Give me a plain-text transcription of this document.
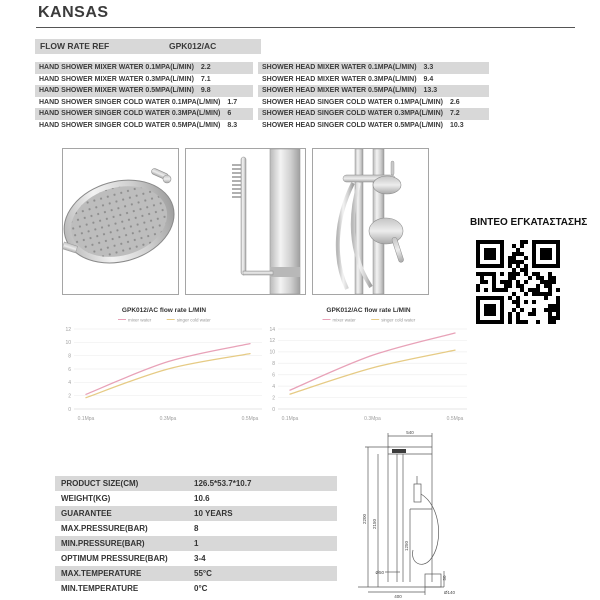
KANSAS
FLOW RATE REF	GPK012/AC
HAND SHOWER MIXER WATER 0.1MPA(L/MIN) 2.2
HAND SHOWER MIXER WATER 0.3MPA(L/MIN) 7.1
HAND SHOWER MIXER WATER 0.5MPA(L/MIN) 9.8
HAND SHOWER SINGER COLD WATER 0.1MPA(L/MIN) 1.7
HAND SHOWER SINGER COLD WATER 0.3MPA(L/MIN) 6
HAND SHOWER SINGER COLD WATER 0.5MPA(L/MIN) 8.3
SHOWER HEAD MIXER WATER 0.1MPA(L/MIN) 3.3
SHOWER HEAD MIXER WATER 0.3MPA(L/MIN) 9.4
SHOWER HEAD MIXER WATER 0.5MPA(L/MIN) 13.3
SHOWER HEAD SINGER COLD WATER 0.1MPA(L/MIN) 2.6
SHOWER HEAD SINGER COLD WATER 0.3MPA(L/MIN) 7.2
SHOWER HEAD SINGER COLD WATER 0.5MPA(L/MIN) 10.3
ΒΙΝΤΕΟ ΕΓΚΑΤΑΣΤΑΣΗΣ
GPK012/AC flow rate L/MIN
mixer water	singer cold water
0
2
4
6
8
10
12
0.1Mpa	0.3Mpa	0.5Mpa
GPK012/AC flow rate L/MIN
mixer water	singer cold water
0
2
4
6
8
10
12
14
0.1Mpa	0.3Mpa	0.5Mpa
PRODUCT SIZE(CM)	126.5*53.7*10.7
WEIGHT(KG)	10.6
GUARANTEE	10 YEARS
MAX.PRESSURE(BAR)	8
MIN.PRESSURE(BAR)	1
OPTIMUM PRESSURE(BAR)	3-4
MAX.TEMPERATURE	55°C
MIN.TEMPERATURE	0°C
540
2200 2150
1250
Ø50
50
Ø140
400
